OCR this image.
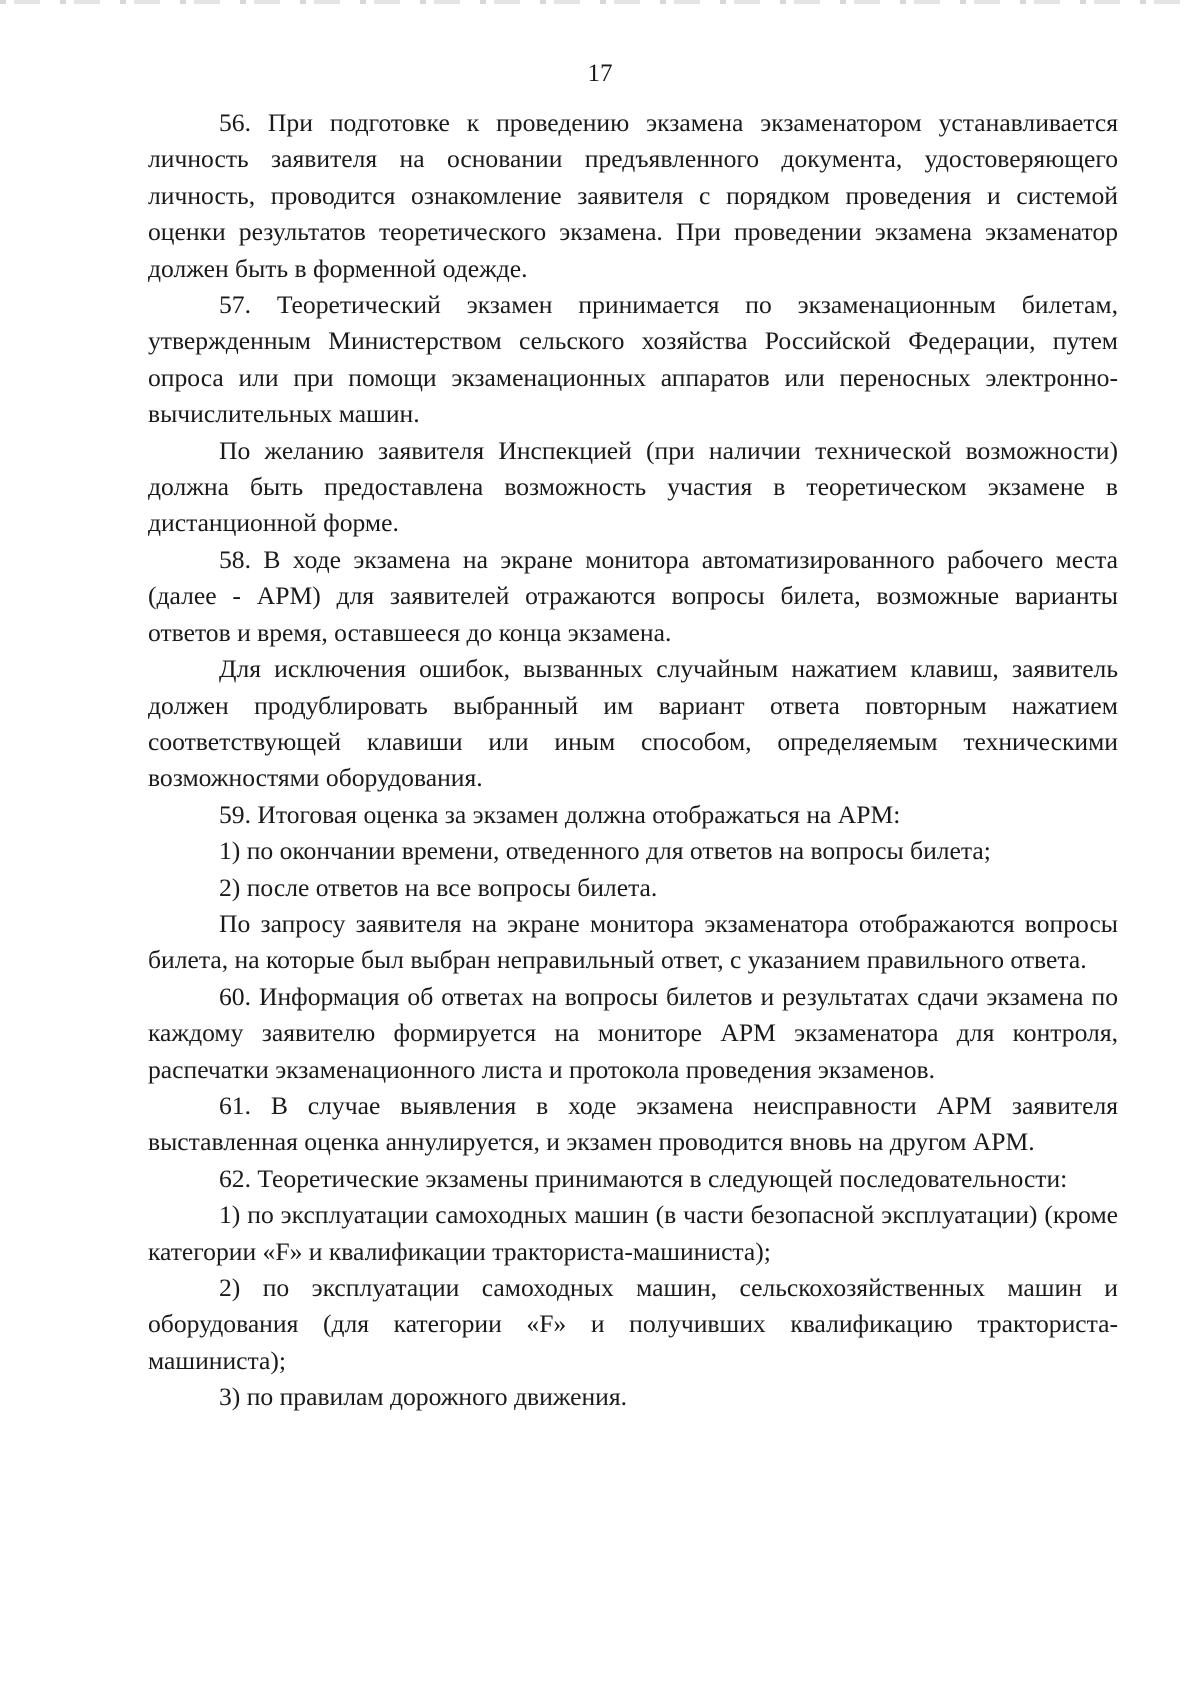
17

56. При подготовке к проведению экзамена экзаменатором устанавливается личность заявителя на основании предъявленного документа, удостоверяющего личность, проводится ознакомление заявителя с порядком проведения и системой оценки результатов теоретического экзамена. При проведении экзамена экзаменатор должен быть в форменной одежде.

57. Теоретический экзамен принимается по экзаменационным билетам, утвержденным Министерством сельского хозяйства Российской Федерации, путем опроса или при помощи экзаменационных аппаратов или переносных электронно-вычислительных машин.

По желанию заявителя Инспекцией (при наличии технической возможности) должна быть предоставлена возможность участия в теоретическом экзамене в дистанционной форме.

58. В ходе экзамена на экране монитора автоматизированного рабочего места (далее - АРМ) для заявителей отражаются вопросы билета, возможные варианты ответов и время, оставшееся до конца экзамена.

Для исключения ошибок, вызванных случайным нажатием клавиш, заявитель должен продублировать выбранный им вариант ответа повторным нажатием соответствующей клавиши или иным способом, определяемым техническими возможностями оборудования.

59. Итоговая оценка за экзамен должна отображаться на АРМ:

1) по окончании времени, отведенного для ответов на вопросы билета;

2) после ответов на все вопросы билета.

По запросу заявителя на экране монитора экзаменатора отображаются вопросы билета, на которые был выбран неправильный ответ, с указанием правильного ответа.

60. Информация об ответах на вопросы билетов и результатах сдачи экзамена по каждому заявителю формируется на мониторе АРМ экзаменатора для контроля, распечатки экзаменационного листа и протокола проведения экзаменов.

61. В случае выявления в ходе экзамена неисправности АРМ заявителя выставленная оценка аннулируется, и экзамен проводится вновь на другом АРМ.

62. Теоретические экзамены принимаются в следующей последовательности:

1) по эксплуатации самоходных машин (в части безопасной эксплуатации) (кроме категории «F» и квалификации тракториста-машиниста);

2) по эксплуатации самоходных машин, сельскохозяйственных машин и оборудования (для категории «F» и получивших квалификацию тракториста-машиниста);

3) по правилам дорожного движения.
